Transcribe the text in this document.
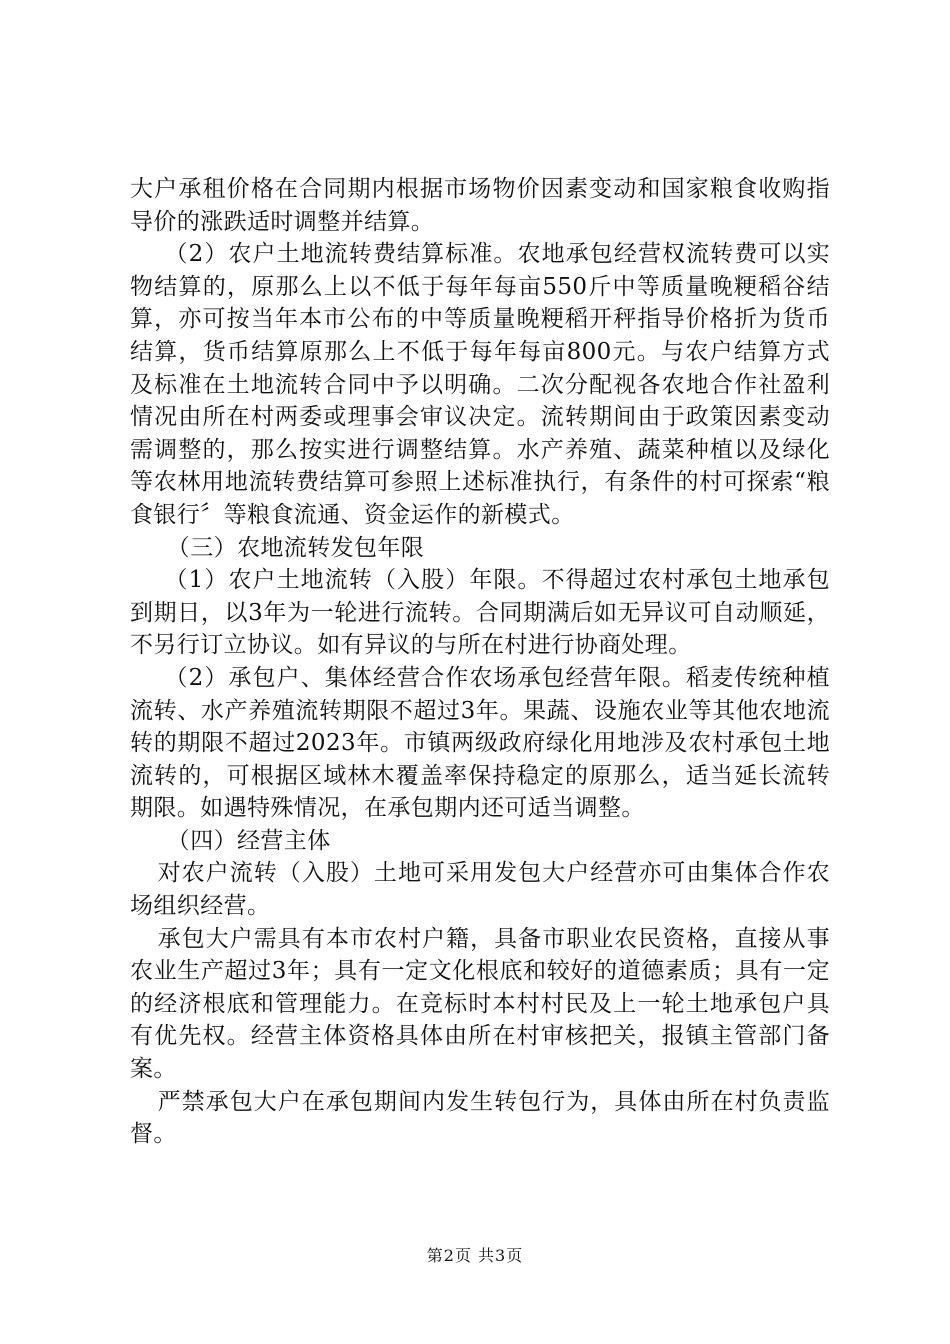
大户承租价格在合同期内根据市场物价因素变动和国家粮食收购指导价的涨跌适时调整并结算。

（2）农户土地流转费结算标准。农地承包经营权流转费可以实物结算的，原那么上以不低于每年每亩550斤中等质量晚粳稻谷结算，亦可按当年本市公布的中等质量晚粳稻开秤指导价格折为货币结算，货币结算原那么上不低于每年每亩800元。与农户结算方式及标准在土地流转合同中予以明确。二次分配视各农地合作社盈利情况由所在村两委或理事会审议决定。流转期间由于政策因素变动需调整的，那么按实进行调整结算。水产养殖、蔬菜种植以及绿化等农林用地流转费结算可参照上述标准执行，有条件的村可探索“粮食银行〞等粮食流通、资金运作的新模式。

（三）农地流转发包年限

（1）农户土地流转（入股）年限。不得超过农村承包土地承包到期日，以3年为一轮进行流转。合同期满后如无异议可自动顺延，不另行订立协议。如有异议的与所在村进行协商处理。

（2）承包户、集体经营合作农场承包经营年限。稻麦传统种植流转、水产养殖流转期限不超过3年。果蔬、设施农业等其他农地流转的期限不超过2023年。市镇两级政府绿化用地涉及农村承包土地流转的，可根据区域林木覆盖率保持稳定的原那么，适当延长流转期限。如遇特殊情况，在承包期内还可适当调整。

（四）经营主体

对农户流转（入股）土地可采用发包大户经营亦可由集体合作农场组织经营。

承包大户需具有本市农村户籍，具备市职业农民资格，直接从事农业生产超过3年；具有一定文化根底和较好的道德素质；具有一定的经济根底和管理能力。在竞标时本村村民及上一轮土地承包户具有优先权。经营主体资格具体由所在村审核把关，报镇主管部门备案。

严禁承包大户在承包期间内发生转包行为，具体由所在村负责监督。

第2页 共3页
